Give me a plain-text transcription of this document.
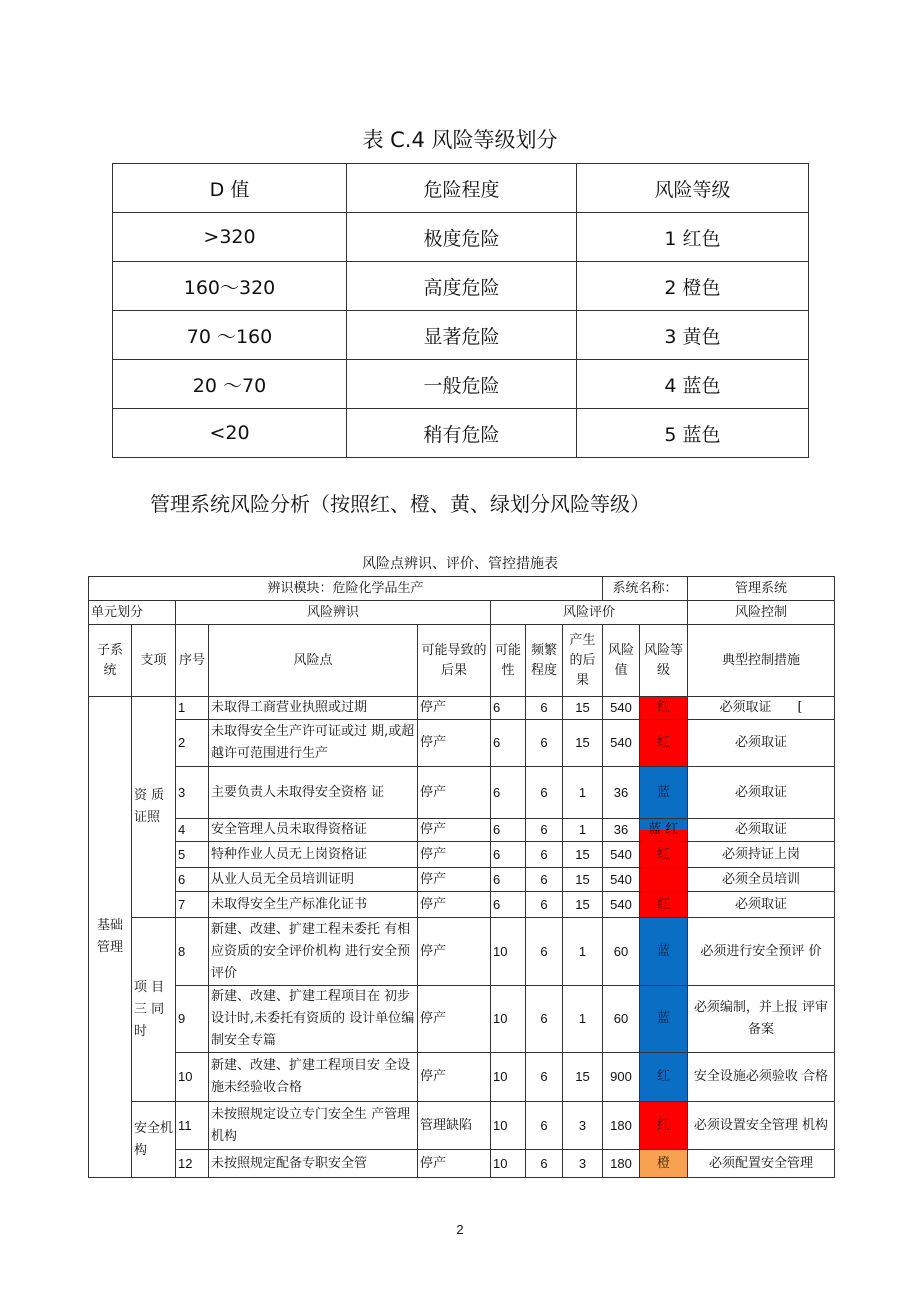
表 C.4 风险等级划分
D 值	危险程度	风险等级
>320	极度危险	1 红色
160～320	高度危险	2 橙色
70 ～160	显著危险	3 黄色
20 ～70	一般危险	4 蓝色
<20	稍有危险	5 蓝色
管理系统风险分析（按照红、橙、黄、绿划分风险等级）
风险点辨识、评价、管控措施表
辨识模块：危险化学品生产								系统名称：		管理系统
单元划分		风险辨识			风险评价					风险控制
子系统	支项	序号	风险点	可能导致的后果	可能性	频繁程度	产生的后果	风险值	风险等级	典型控制措施
基础管理	资 质证照	1	未取得工商营业执照或过期	停产	6	6	15	540	红	必须取证　　[
		2	未取得安全生产许可证或过 期,或超越许可范围进行生产	停产	6	6	15	540	红	必须取证
		3	主要负责人未取得安全资格 证	停产	6	6	1	36	蓝	必须取证
		4	安全管理人员未取得资格证	停产	6	6	1	36	蓝 红	必须取证
		5	特种作业人员无上岗资格证	停产	6	6	15	540	红	必须持证上岗
		6	从业人员无全员培训证明	停产	6	6	15	540		必须全员培训
		7	未取得安全生产标准化证书	停产	6	6	15	540	红	必须取证
	项 目三 同时	8	新建、改建、扩建工程未委托 有相应资质的安全评价机构 进行安全预评价	停产	10	6	1	60	蓝	必须进行安全预评 价
		9	新建、改建、扩建工程项目在 初步设计时,未委托有资质的 设计单位编制安全专篇	停产	10	6	1	60	蓝	必须编制，并上报 评审备案
		10	新建、改建、扩建工程项目安 全设施未经验收合格	停产	10	6	15	900	红	安全设施必须验收 合格
	安全机构	11	未按照规定设立专门安全生 产管理机构	管理缺陷	10	6	3	180	红	必须设置安全管理 机构
		12	未按照规定配备专职安全管	停产	10	6	3	180	橙	必须配置安全管理
2
